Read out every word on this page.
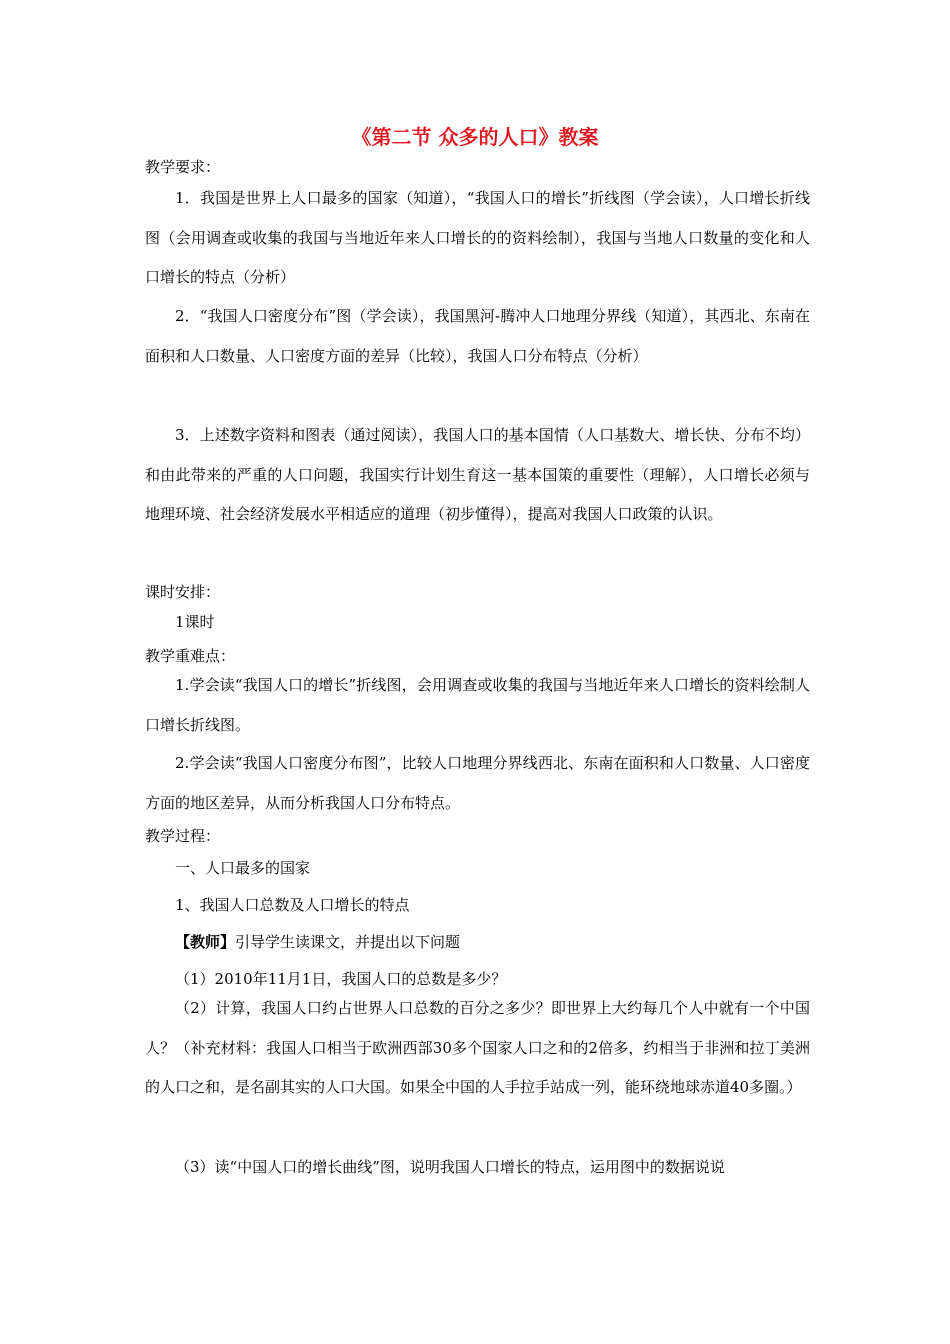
《第二节 众多的人口》教案
教学要求：
1．我国是世界上人口最多的国家（知道），“我国人口的增长”折线图（学会读），人口增长折线图（会用调查或收集的我国与当地近年来人口增长的的资料绘制），我国与当地人口数量的变化和人口增长的特点（分析）
2．“我国人口密度分布”图（学会读），我国黑河-腾冲人口地理分界线（知道），其西北、东南在面积和人口数量、人口密度方面的差异（比较），我国人口分布特点（分析）
3．上述数字资料和图表（通过阅读），我国人口的基本国情（人口基数大、增长快、分布不均）和由此带来的严重的人口问题，我国实行计划生育这一基本国策的重要性（理解），人口增长必须与地理环境、社会经济发展水平相适应的道理（初步懂得），提高对我国人口政策的认识。
课时安排：
1课时
教学重难点：
1.学会读“我国人口的增长”折线图，会用调查或收集的我国与当地近年来人口增长的资料绘制人口增长折线图。
2.学会读“我国人口密度分布图”，比较人口地理分界线西北、东南在面积和人口数量、人口密度方面的地区差异，从而分析我国人口分布特点。
教学过程：
一、人口最多的国家
1、我国人口总数及人口增长的特点
【教师】引导学生读课文，并提出以下问题
（1）2010年11月1日，我国人口的总数是多少？
（2）计算，我国人口约占世界人口总数的百分之多少？即世界上大约每几个人中就有一个中国人？（补充材料：我国人口相当于欧洲西部30多个国家人口之和的2倍多，约相当于非洲和拉丁美洲的人口之和，是名副其实的人口大国。如果全中国的人手拉手站成一列，能环绕地球赤道40多圈。）
（3）读“中国人口的增长曲线”图，说明我国人口增长的特点，运用图中的数据说说
